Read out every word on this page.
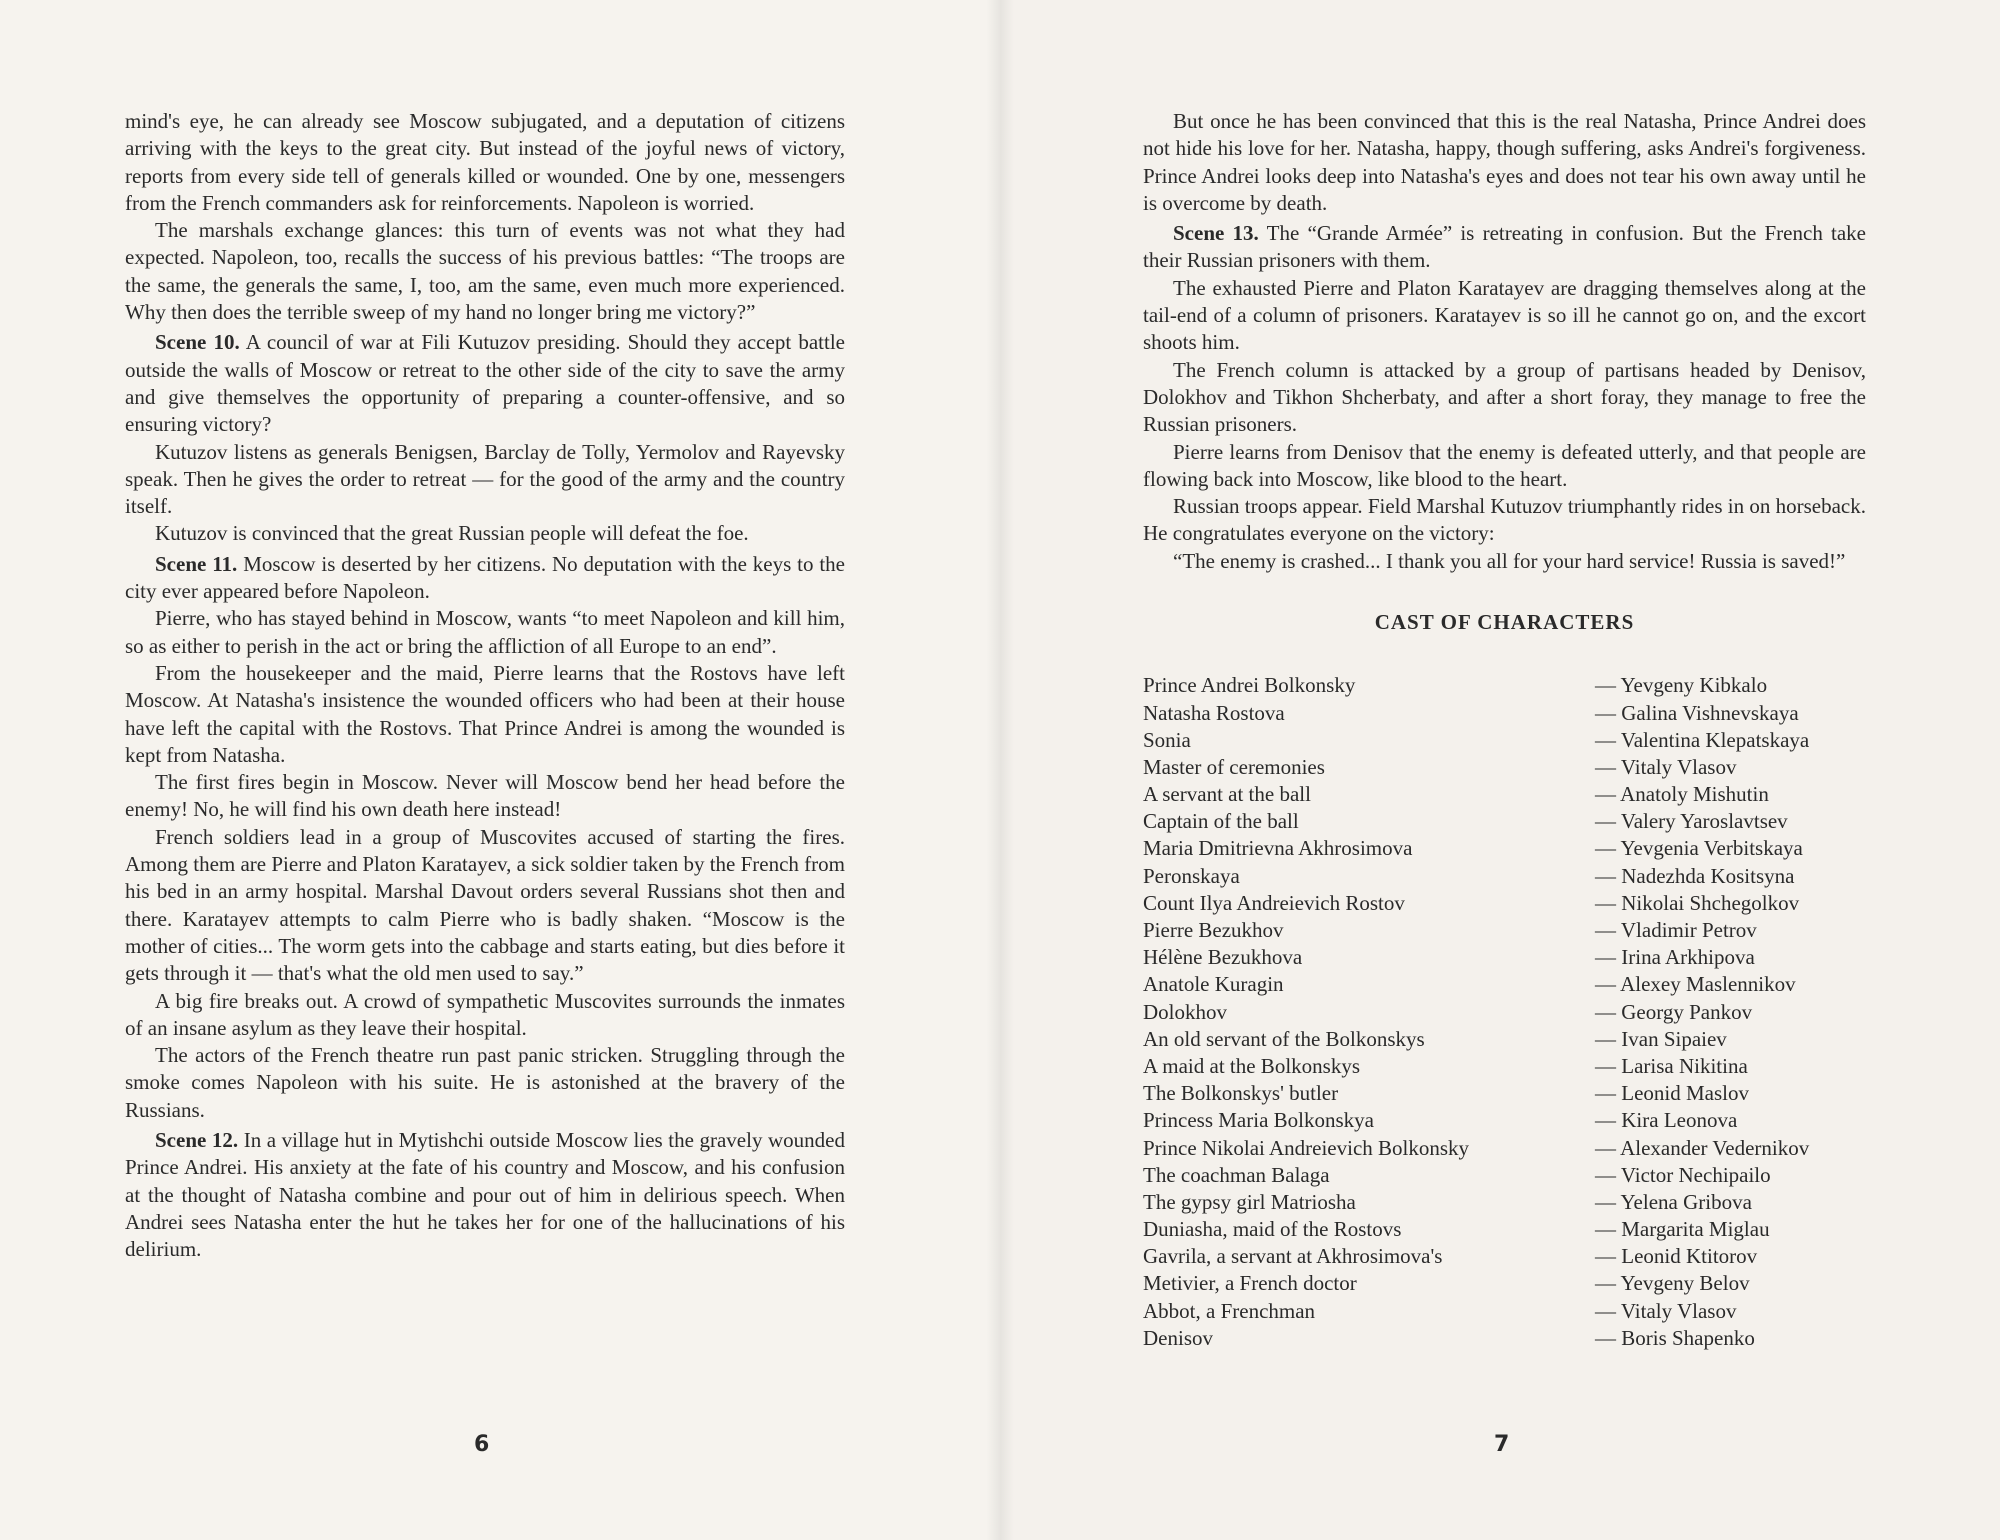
mind's eye, he can already see Moscow subjugated, and a deputation of citizens arriving with the keys to the great city. But instead of the joyful news of victory, reports from every side tell of generals killed or wounded. One by one, messengers from the French commanders ask for reinforcements. Napoleon is worried.

The marshals exchange glances: this turn of events was not what they had expected. Napoleon, too, recalls the success of his previous battles: “The troops are the same, the generals the same, I, too, am the same, even much more experienced. Why then does the terrible sweep of my hand no longer bring me victory?”

Scene 10. A council of war at Fili Kutuzov presiding. Should they accept battle outside the walls of Moscow or retreat to the other side of the city to save the army and give themselves the opportunity of preparing a counter-offensive, and so ensuring victory?

Kutuzov listens as generals Benigsen, Barclay de Tolly, Yermolov and Rayevsky speak. Then he gives the order to retreat — for the good of the army and the country itself.

Kutuzov is convinced that the great Russian people will defeat the foe.

Scene 11. Moscow is deserted by her citizens. No deputation with the keys to the city ever appeared before Napoleon.

Pierre, who has stayed behind in Moscow, wants “to meet Napoleon and kill him, so as either to perish in the act or bring the affliction of all Europe to an end”.

From the housekeeper and the maid, Pierre learns that the Rostovs have left Moscow. At Natasha's insistence the wounded officers who had been at their house have left the capital with the Rostovs. That Prince Andrei is among the wounded is kept from Natasha.

The first fires begin in Moscow. Never will Moscow bend her head before the enemy! No, he will find his own death here instead!

French soldiers lead in a group of Muscovites accused of starting the fires. Among them are Pierre and Platon Karatayev, a sick soldier taken by the French from his bed in an army hospital. Marshal Davout orders several Russians shot then and there. Karatayev attempts to calm Pierre who is badly shaken. “Moscow is the mother of cities... The worm gets into the cabbage and starts eating, but dies before it gets through it — that's what the old men used to say.”

A big fire breaks out. A crowd of sympathetic Muscovites surrounds the inmates of an insane asylum as they leave their hospital.

The actors of the French theatre run past panic stricken. Struggling through the smoke comes Napoleon with his suite. He is astonished at the bravery of the Russians.

Scene 12. In a village hut in Mytishchi outside Moscow lies the gravely wounded Prince Andrei. His anxiety at the fate of his country and Moscow, and his confusion at the thought of Natasha combine and pour out of him in delirious speech. When Andrei sees Natasha enter the hut he takes her for one of the hallucinations of his delirium.

6

But once he has been convinced that this is the real Natasha, Prince Andrei does not hide his love for her. Natasha, happy, though suffering, asks Andrei's forgiveness. Prince Andrei looks deep into Natasha's eyes and does not tear his own away until he is overcome by death.

Scene 13. The “Grande Armée” is retreating in confusion. But the French take their Russian prisoners with them.

The exhausted Pierre and Platon Karatayev are dragging themselves along at the tail-end of a column of prisoners. Karatayev is so ill he cannot go on, and the excort shoots him.

The French column is attacked by a group of partisans headed by Denisov, Dolokhov and Tikhon Shcherbaty, and after a short foray, they manage to free the Russian prisoners.

Pierre learns from Denisov that the enemy is defeated utterly, and that people are flowing back into Moscow, like blood to the heart.

Russian troops appear. Field Marshal Kutuzov triumphantly rides in on horseback. He congratulates everyone on the victory:

“The enemy is crashed... I thank you all for your hard service! Russia is saved!”

CAST OF CHARACTERS
Prince Andrei Bolkonsky	— Yevgeny Kibkalo
Natasha Rostova	— Galina Vishnevskaya
Sonia	— Valentina Klepatskaya
Master of ceremonies	— Vitaly Vlasov
A servant at the ball	— Anatoly Mishutin
Captain of the ball	— Valery Yaroslavtsev
Maria Dmitrievna Akhrosimova	— Yevgenia Verbitskaya
Peronskaya	— Nadezhda Kositsyna
Count Ilya Andreievich Rostov	— Nikolai Shchegolkov
Pierre Bezukhov	— Vladimir Petrov
Hélène Bezukhova	— Irina Arkhipova
Anatole Kuragin	— Alexey Maslennikov
Dolokhov	— Georgy Pankov
An old servant of the Bolkonskys	— Ivan Sipaiev
A maid at the Bolkonskys	— Larisa Nikitina
The Bolkonskys' butler	— Leonid Maslov
Princess Maria Bolkonskya	— Kira Leonova
Prince Nikolai Andreievich Bolkonsky	— Alexander Vedernikov
The coachman Balaga	— Victor Nechipailo
The gypsy girl Matriosha	— Yelena Gribova
Duniasha, maid of the Rostovs	— Margarita Miglau
Gavrila, a servant at Akhrosimova's	— Leonid Ktitorov
Metivier, a French doctor	— Yevgeny Belov
Abbot, a Frenchman	— Vitaly Vlasov
Denisov	— Boris Shapenko
7
